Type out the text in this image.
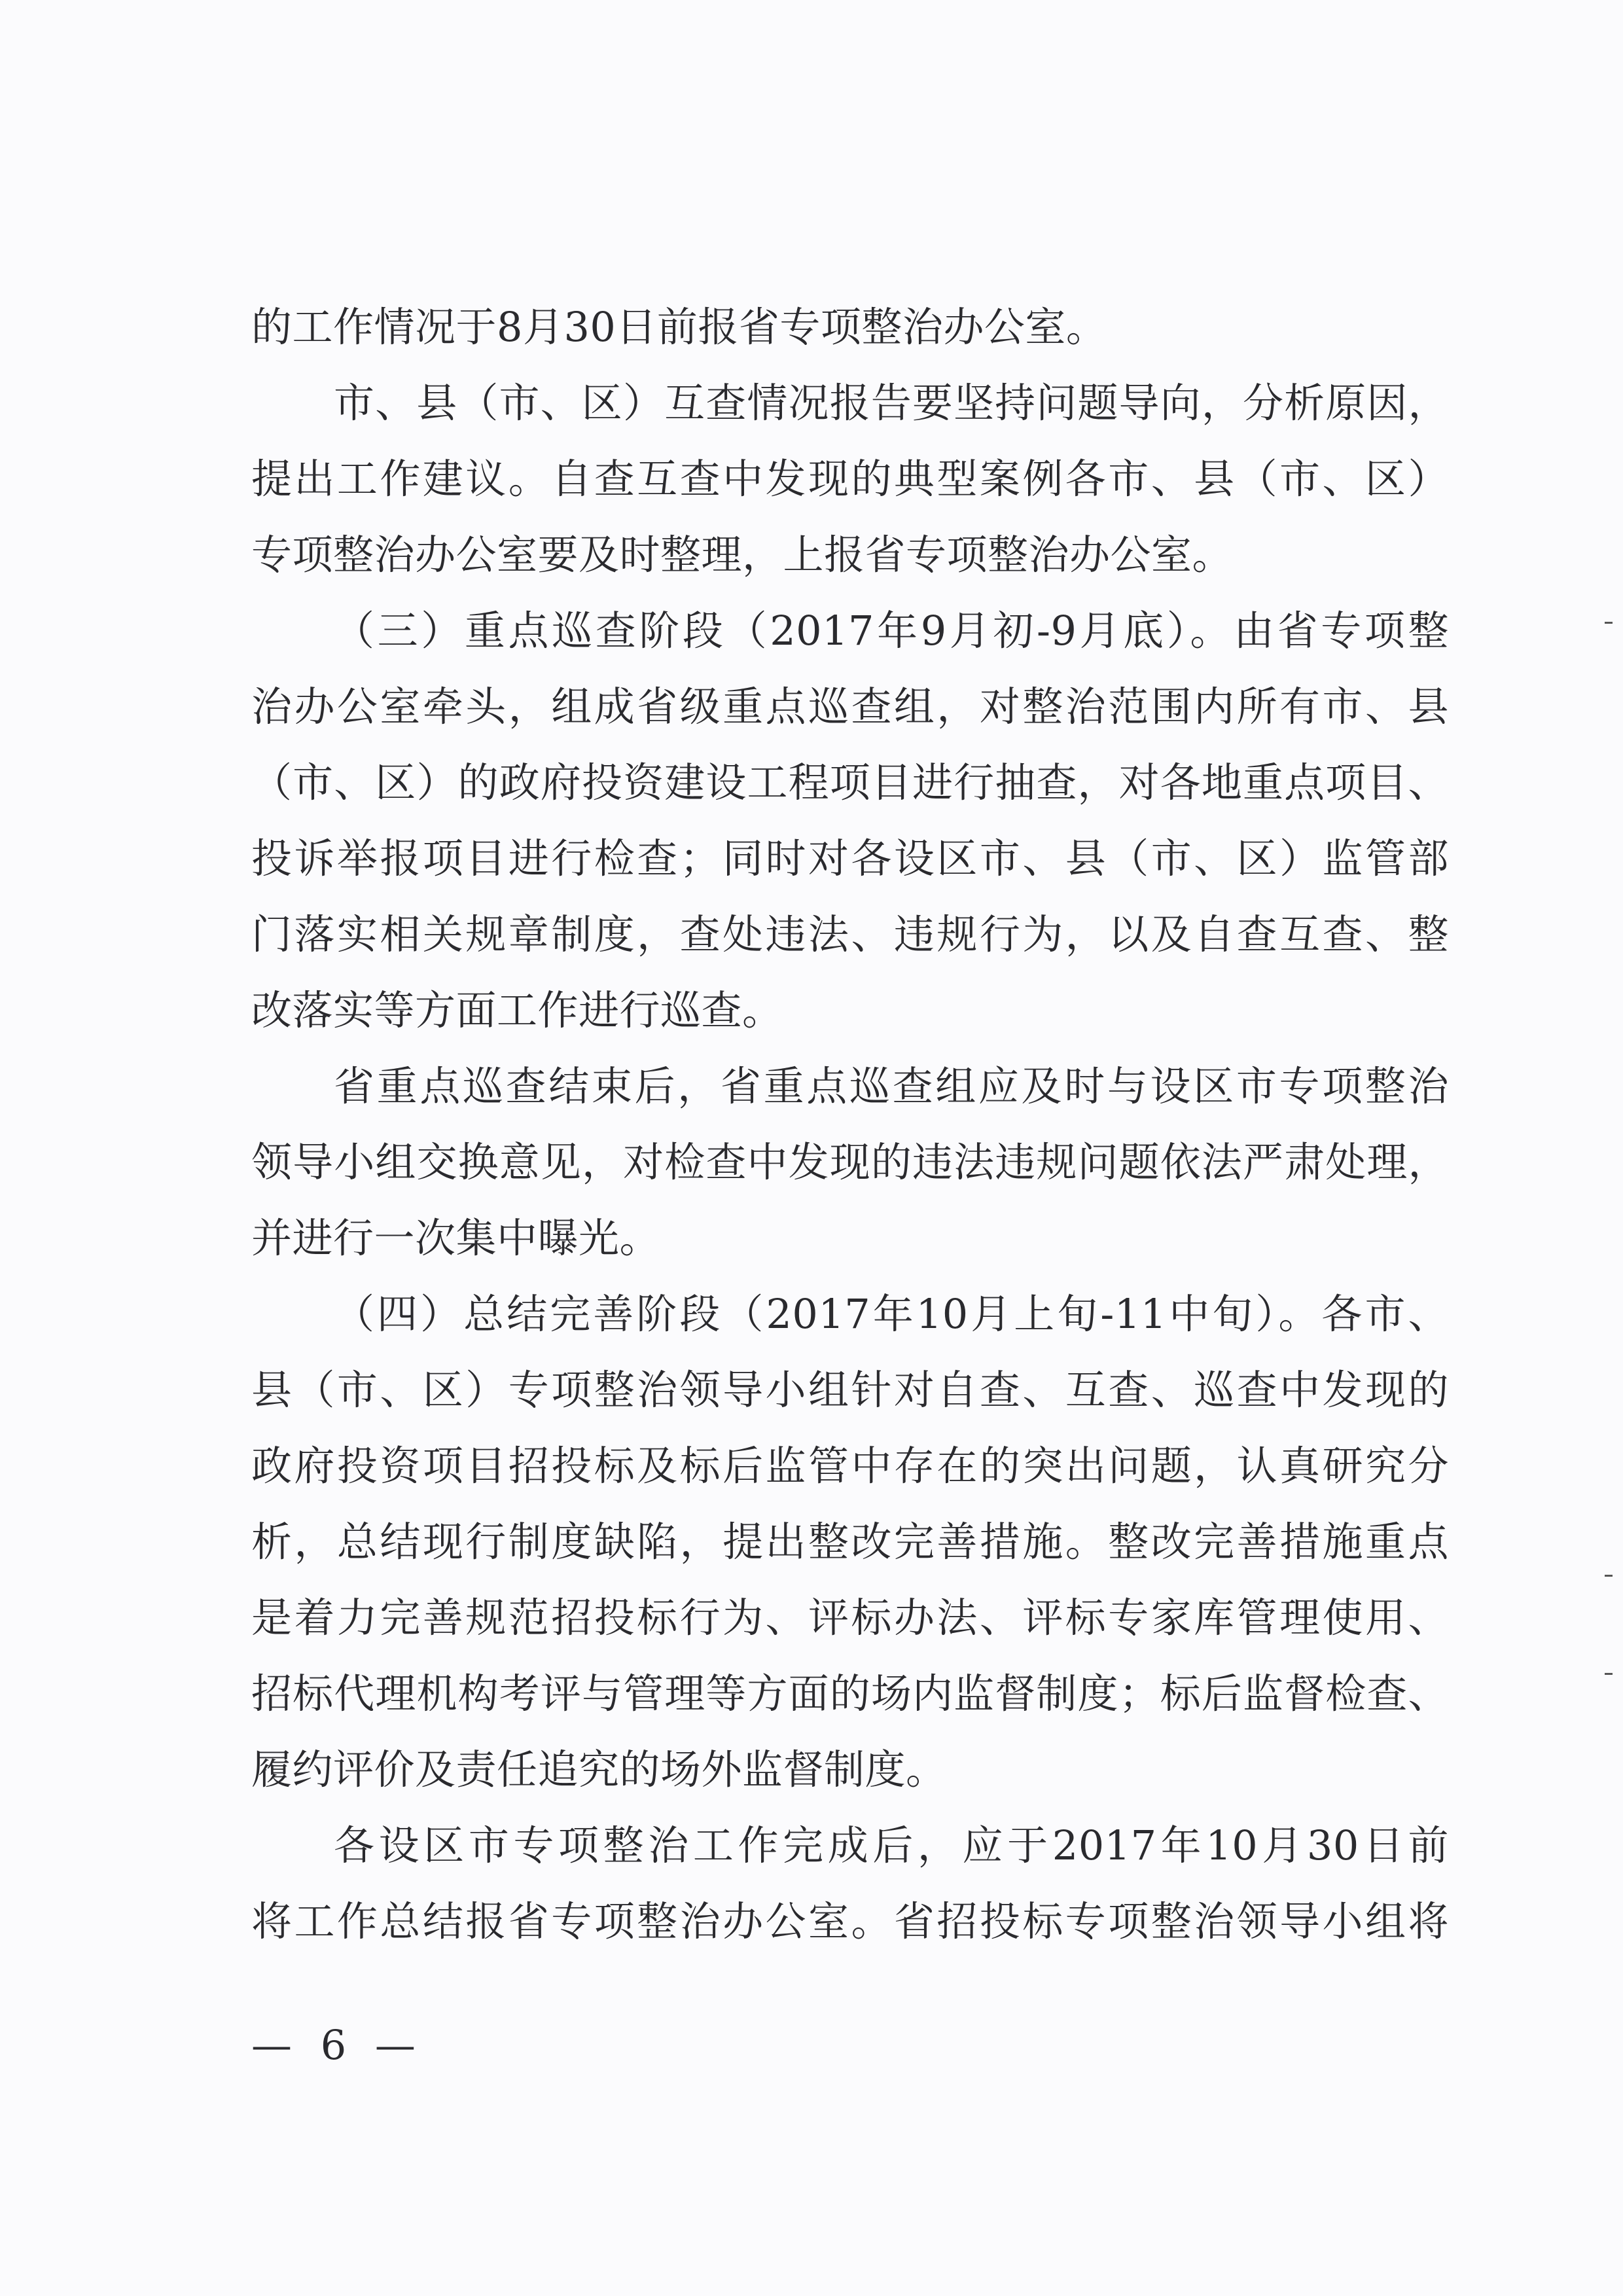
的工作情况于8月30日前报省专项整治办公室。
市、县（市、区）互查情况报告要坚持问题导向，分析原因，
提出工作建议。自查互查中发现的典型案例各市、县（市、区）
专项整治办公室要及时整理，上报省专项整治办公室。
（三）重点巡查阶段（2017年9月初-9月底）。由省专项整
治办公室牵头，组成省级重点巡查组，对整治范围内所有市、县
（市、区）的政府投资建设工程项目进行抽查，对各地重点项目、
投诉举报项目进行检查；同时对各设区市、县（市、区）监管部
门落实相关规章制度，查处违法、违规行为，以及自查互查、整
改落实等方面工作进行巡查。
省重点巡查结束后，省重点巡查组应及时与设区市专项整治
领导小组交换意见，对检查中发现的违法违规问题依法严肃处理，
并进行一次集中曝光。
（四）总结完善阶段（2017年10月上旬-11中旬）。各市、
县（市、区）专项整治领导小组针对自查、互查、巡查中发现的
政府投资项目招投标及标后监管中存在的突出问题，认真研究分
析，总结现行制度缺陷，提出整改完善措施。整改完善措施重点
是着力完善规范招投标行为、评标办法、评标专家库管理使用、
招标代理机构考评与管理等方面的场内监督制度；标后监督检查、
履约评价及责任追究的场外监督制度。
各设区市专项整治工作完成后，应于2017年10月30日前
将工作总结报省专项整治办公室。省招投标专项整治领导小组将
— 6 —
